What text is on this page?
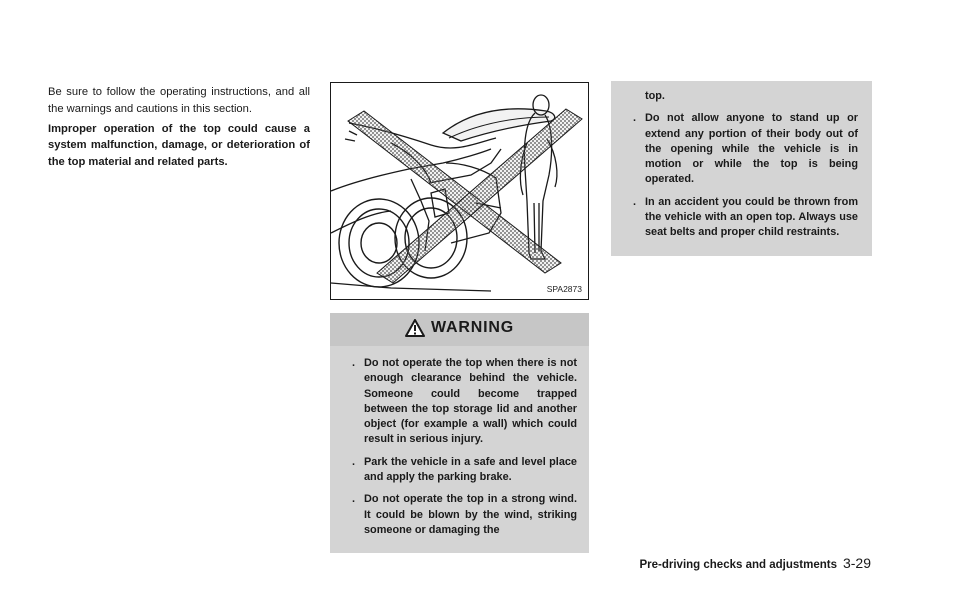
Be sure to follow the operating instructions, and all the warnings and cautions in this section.

Improper operation of the top could cause a system malfunction, damage, or deterioration of the top material and related parts.

SPA2873
WARNING
. Do not operate the top when there is not enough clearance behind the vehicle. Someone could become trapped between the top storage lid and another object (for example a wall) which could result in serious injury.
. Park the vehicle in a safe and level place and apply the parking brake.
. Do not operate the top in a strong wind. It could be blown by the wind, striking someone or damaging the
top.
. Do not allow anyone to stand up or extend any portion of their body out of the opening while the vehicle is in motion or while the top is being operated.
. In an accident you could be thrown from the vehicle with an open top. Always use seat belts and proper child restraints.
Pre-driving checks and adjustments 3-29
